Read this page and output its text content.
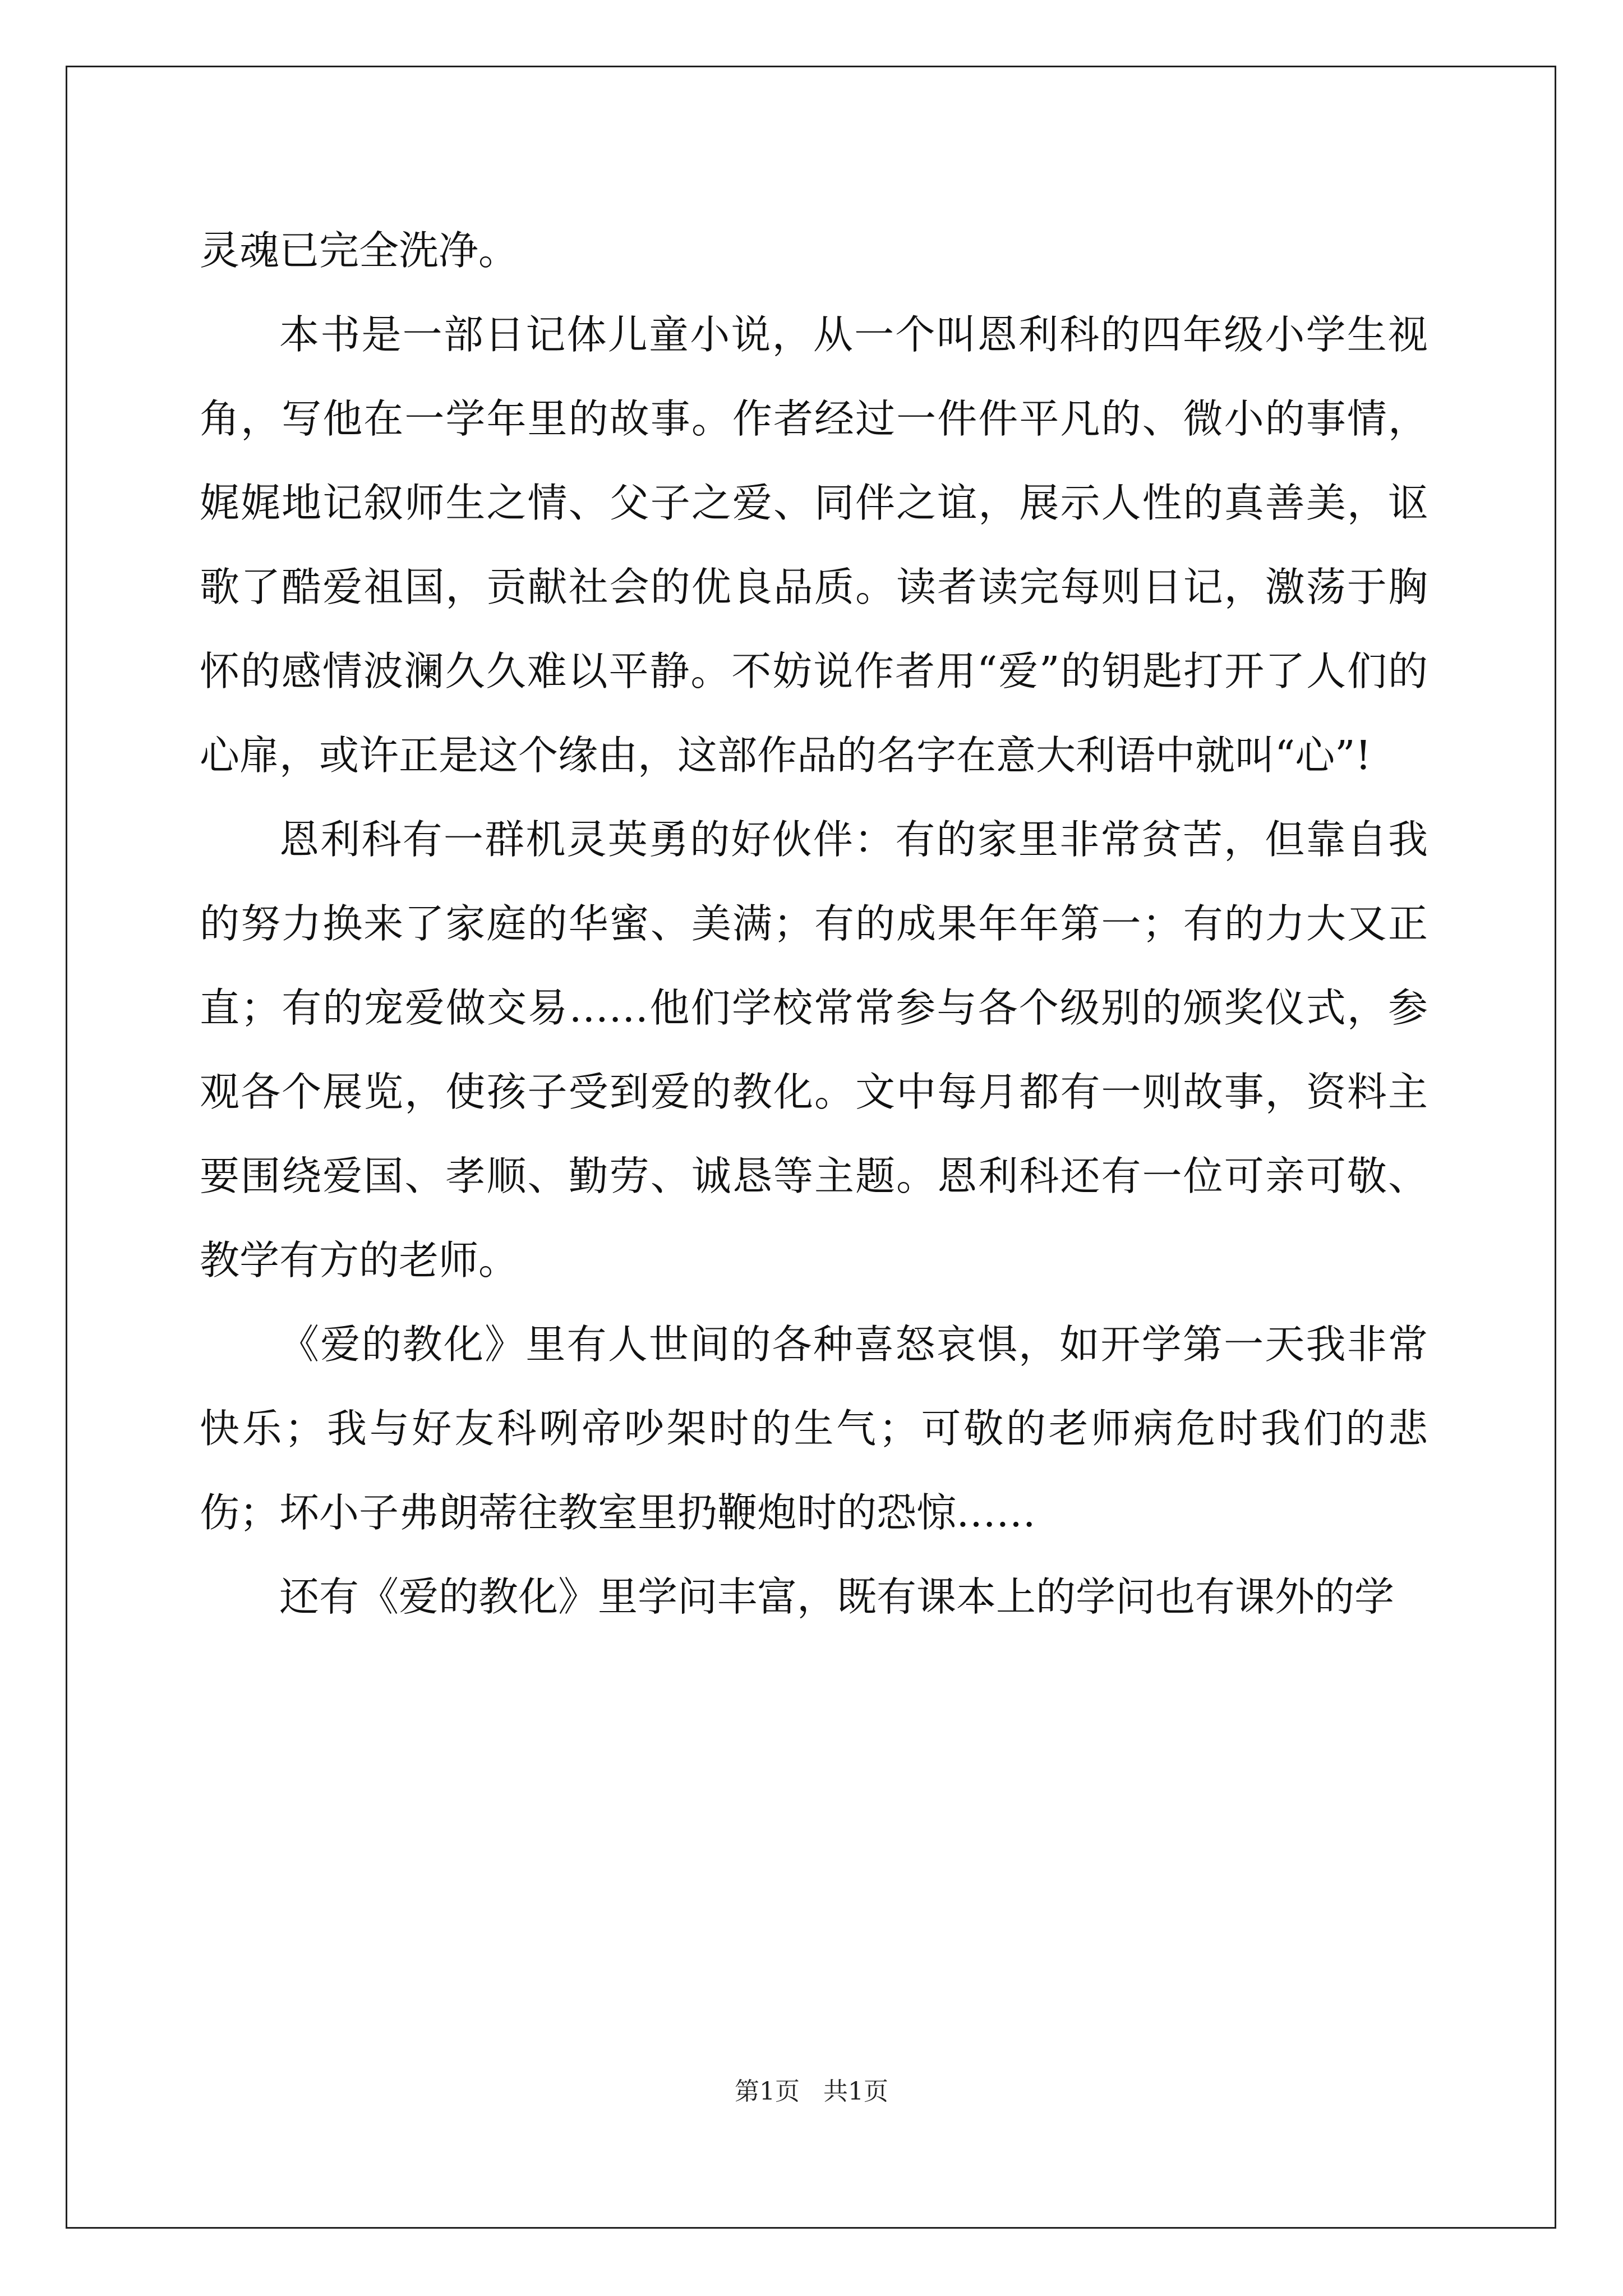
灵魂已完全洗净。

本书是一部日记体儿童小说，从一个叫恩利科的四年级小学生视角，写他在一学年里的故事。作者经过一件件平凡的、微小的事情，娓娓地记叙师生之情、父子之爱、同伴之谊，展示人性的真善美，讴歌了酷爱祖国，贡献社会的优良品质。读者读完每则日记，激荡于胸怀的感情波澜久久难以平静。不妨说作者用“爱”的钥匙打开了人们的心扉，或许正是这个缘由，这部作品的名字在意大利语中就叫“心”!

恩利科有一群机灵英勇的好伙伴：有的家里非常贫苦，但靠自我的努力换来了家庭的华蜜、美满；有的成果年年第一；有的力大又正直；有的宠爱做交易……他们学校常常参与各个级别的颁奖仪式，参观各个展览，使孩子受到爱的教化。文中每月都有一则故事，资料主要围绕爱国、孝顺、勤劳、诚恳等主题。恩利科还有一位可亲可敬、教学有方的老师。

《爱的教化》里有人世间的各种喜怒哀惧，如开学第一天我非常快乐；我与好友科咧帝吵架时的生气；可敬的老师病危时我们的悲伤；坏小子弗朗蒂往教室里扔鞭炮时的恐惊……

还有《爱的教化》里学问丰富，既有课本上的学问也有课外的学

第1页   共1页
